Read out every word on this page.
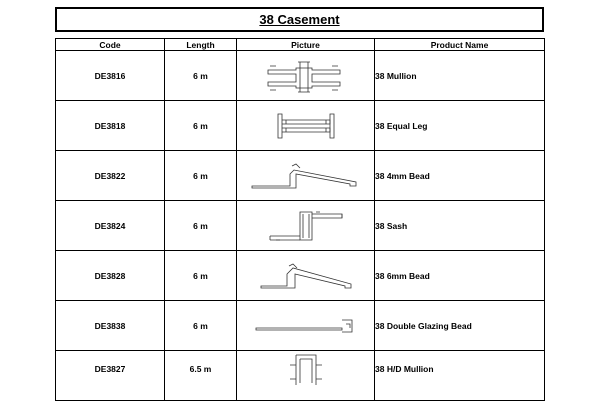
38 Casement
Code	Length	Picture	Product Name
DE3816	6 m		38 Mullion
DE3818	6 m		38 Equal Leg
DE3822	6 m		38 4mm Bead
DE3824	6 m		38 Sash
DE3828	6 m		38 6mm Bead
DE3838	6 m		38 Double Glazing Bead
DE3827	6.5 m		38 H/D Mullion
